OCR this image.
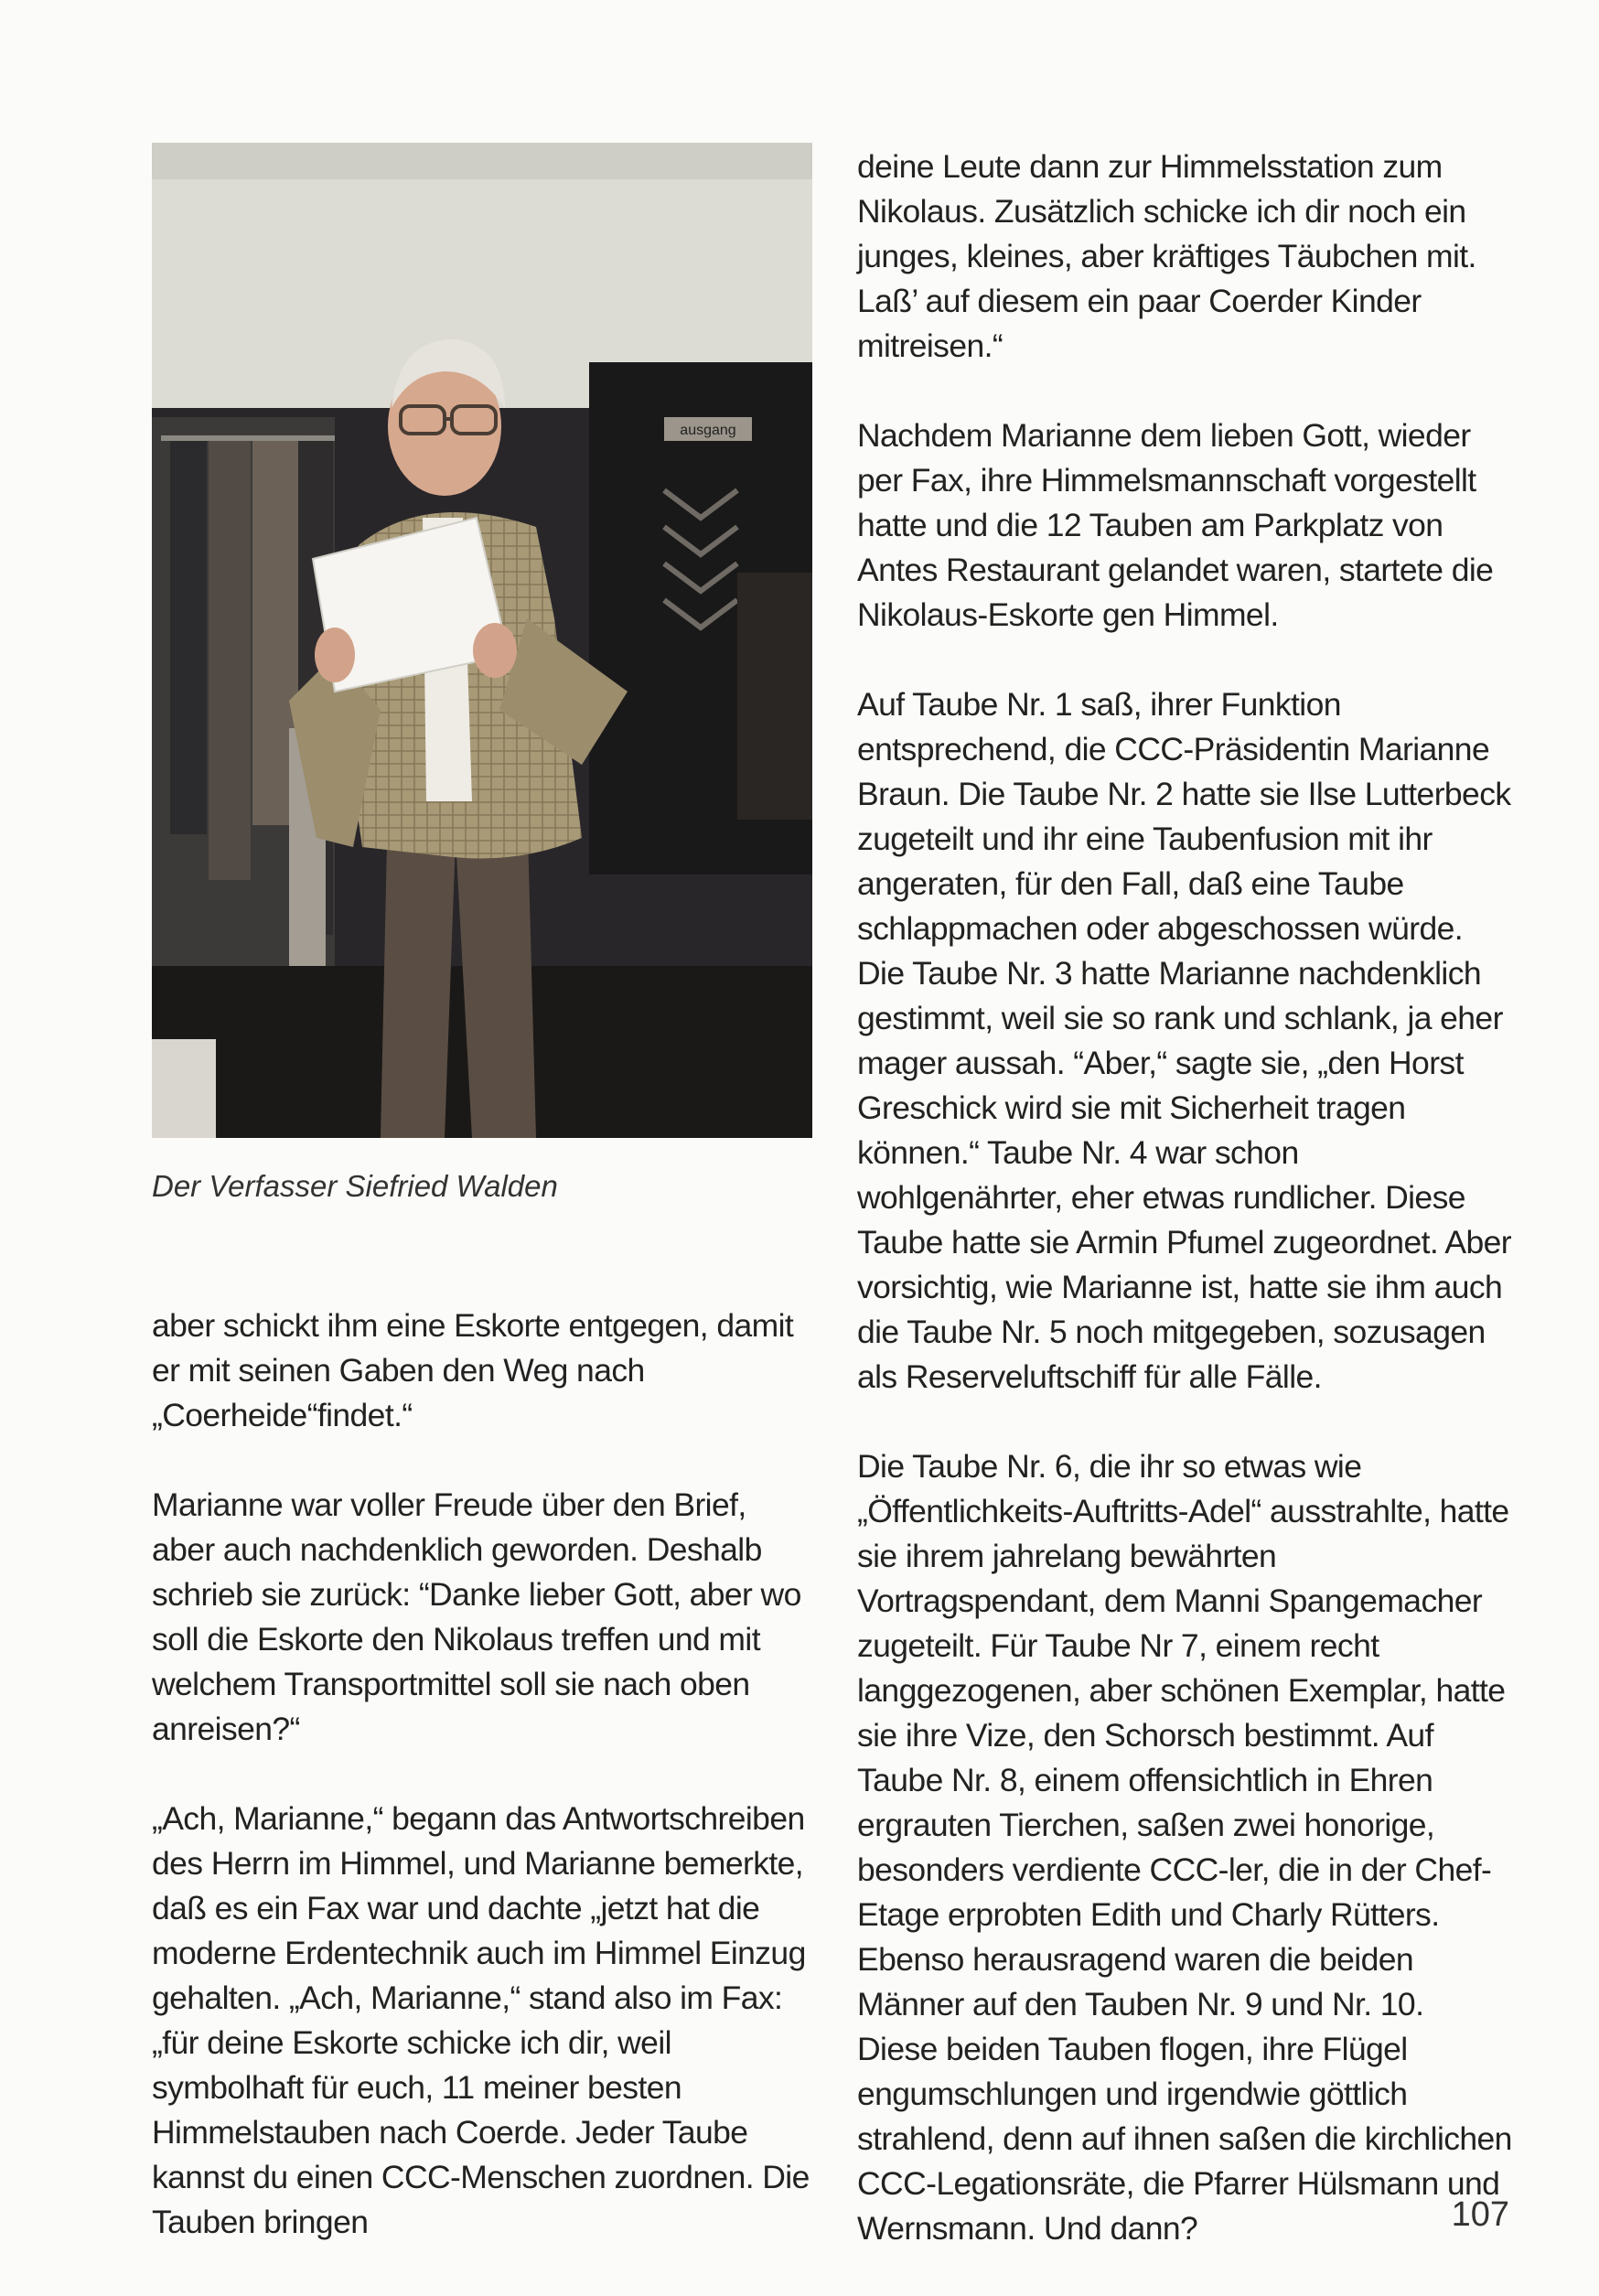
ausgang
Der Verfasser Siefried Walden

aber schickt ihm eine Eskorte entgegen, damit er mit seinen Gaben den Weg nach „Coerheide“findet.“

Marianne war voller Freude über den Brief, aber auch nachdenklich geworden. Deshalb schrieb sie zurück: “Danke lieber Gott, aber wo soll die Eskorte den Nikolaus treffen und mit welchem Transportmittel soll sie nach oben anreisen?“

„Ach, Marianne,“ begann das Antwortschreiben des Herrn im Himmel, und Marianne bemerkte, daß es ein Fax war und dachte „jetzt hat die moderne Erdentechnik auch im Himmel Einzug gehalten. „Ach, Marianne,“ stand also im Fax: „für deine Eskorte schicke ich dir, weil symbolhaft für euch, 11 meiner besten Himmelstauben nach Coerde. Jeder Taube kannst du einen CCC-Menschen zuordnen. Die Tauben bringen

deine Leute dann zur Himmelsstation zum Nikolaus. Zusätzlich schicke ich dir noch ein junges, kleines, aber kräftiges Täubchen mit. Laß’ auf diesem ein paar Coerder Kinder mitreisen.“

Nachdem Marianne dem lieben Gott, wieder per Fax, ihre Himmelsmannschaft vorgestellt hatte und die 12 Tauben am Parkplatz von Antes Restaurant gelandet waren, startete die Nikolaus-Eskorte gen Himmel.

Auf Taube Nr. 1 saß, ihrer Funktion entsprechend, die CCC-Präsidentin Marianne Braun. Die Taube Nr. 2 hatte sie Ilse Lutterbeck zugeteilt und ihr eine Taubenfusion mit ihr angeraten, für den Fall, daß eine Taube schlappmachen oder abgeschossen würde. Die Taube Nr. 3 hatte Marianne nachdenklich gestimmt, weil sie so rank und schlank, ja eher mager aussah. “Aber,“ sagte sie, „den Horst Greschick wird sie mit Sicherheit tragen können.“ Taube Nr. 4 war schon wohlgenährter, eher etwas rundlicher. Diese Taube hatte sie Armin Pfumel zugeordnet. Aber vorsichtig, wie Marianne ist, hatte sie ihm auch die Taube Nr. 5 noch mitgegeben, sozusagen als Reserveluftschiff für alle Fälle.

Die Taube Nr. 6, die ihr so etwas wie „Öffentlichkeits-Auftritts-Adel“ ausstrahlte, hatte sie ihrem jahrelang bewährten Vortragspendant, dem Manni Spangemacher zugeteilt. Für Taube Nr 7, einem recht langgezogenen, aber schönen Exemplar, hatte sie ihre Vize, den Schorsch bestimmt. Auf Taube Nr. 8, einem offensichtlich in Ehren ergrauten Tierchen, saßen zwei honorige, besonders verdiente CCC-ler, die in der Chef-Etage erprobten Edith und Charly Rütters. Ebenso herausragend waren die beiden Männer auf den Tauben Nr. 9 und Nr. 10. Diese beiden Tauben flogen, ihre Flügel engumschlungen und irgendwie göttlich strahlend, denn auf ihnen saßen die kirchlichen CCC-Legationsräte, die Pfarrer Hülsmann und Wernsmann. Und dann?	107
